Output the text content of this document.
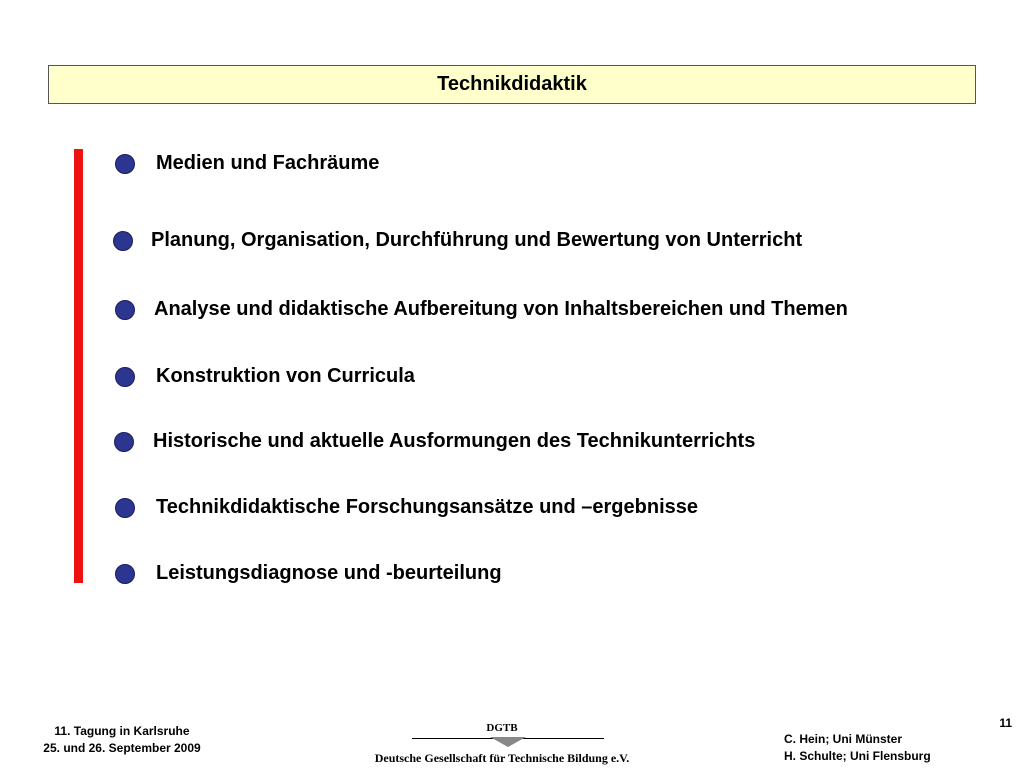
Technikdidaktik
Medien und Fachräume
Planung, Organisation, Durchführung und Bewertung von Unterricht
Analyse und didaktische Aufbereitung von Inhaltsbereichen und Themen
Konstruktion von Curricula
Historische und aktuelle Ausformungen des Technikunterrichts
Technikdidaktische Forschungsansätze und –ergebnisse
Leistungsdiagnose und -beurteilung
11. Tagung in Karlsruhe
25. und 26. September 2009
DGTB
Deutsche Gesellschaft für Technische Bildung e.V.
C. Hein; Uni Münster
H. Schulte; Uni Flensburg
11
